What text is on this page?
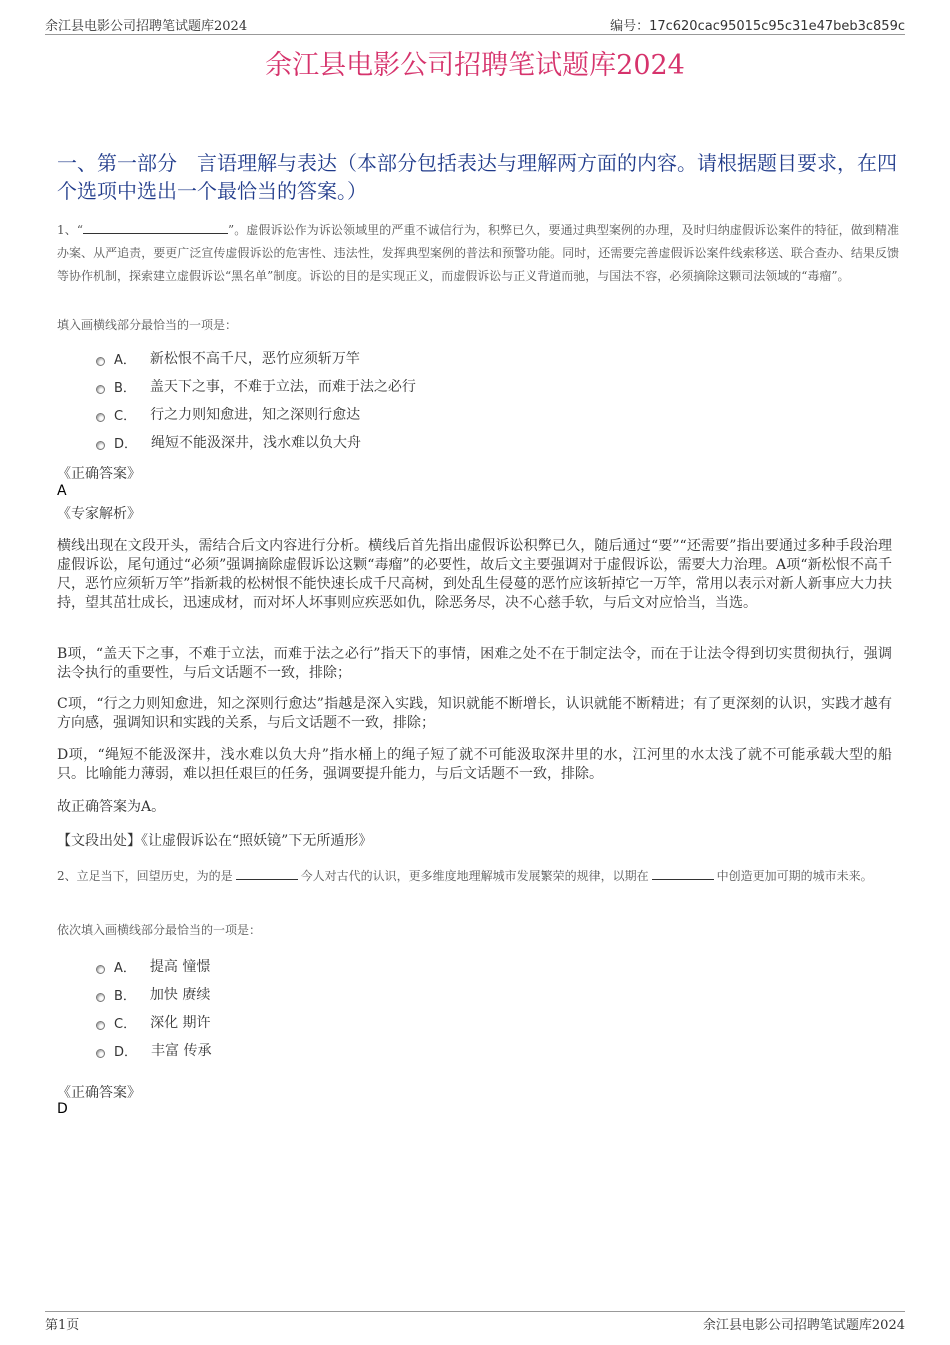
余江县电影公司招聘笔试题库2024	编号：17c620cac95015c95c31e47beb3c859c
余江县电影公司招聘笔试题库2024
一、第一部分　言语理解与表达（本部分包括表达与理解两方面的内容。请根据题目要求，在四个选项中选出一个最恰当的答案。）
1、“	”。虚假诉讼作为诉讼领域里的严重不诚信行为，积弊已久，要通过典型案例的办理，及时归纳虚假诉讼案件的特征，做到精准办案、从严追责，要更广泛宣传虚假诉讼的危害性、违法性，发挥典型案例的普法和预警功能。同时，还需要完善虚假诉讼案件线索移送、联合查办、结果反馈等协作机制，探索建立虚假诉讼“黑名单”制度。诉讼的目的是实现正义，而虚假诉讼与正义背道而驰，与国法不容，必须摘除这颗司法领域的“毒瘤”。
填入画横线部分最恰当的一项是：
A． 新松恨不高千尺，恶竹应须斩万竿
B． 盖天下之事，不难于立法，而难于法之必行
C． 行之力则知愈进，知之深则行愈达
D． 绳短不能汲深井，浅水难以负大舟
《正确答案》
A
《专家解析》
横线出现在文段开头，需结合后文内容进行分析。横线后首先指出虚假诉讼积弊已久，随后通过“要”“还需要”指出要通过多种手段治理虚假诉讼，尾句通过“必须”强调摘除虚假诉讼这颗“毒瘤”的必要性，故后文主要强调对于虚假诉讼，需要大力治理。A项“新松恨不高千尺，恶竹应须斩万竿”指新栽的松树恨不能快速长成千尺高树，到处乱生侵蔓的恶竹应该斩掉它一万竿，常用以表示对新人新事应大力扶持，望其茁壮成长，迅速成材，而对坏人坏事则应疾恶如仇，除恶务尽，决不心慈手软，与后文对应恰当，当选。
B项，“盖天下之事，不难于立法，而难于法之必行”指天下的事情，困难之处不在于制定法令，而在于让法令得到切实贯彻执行，强调法令执行的重要性，与后文话题不一致，排除；
C项，“行之力则知愈进，知之深则行愈达”指越是深入实践，知识就能不断增长，认识就能不断精进；有了更深刻的认识，实践才越有方向感，强调知识和实践的关系，与后文话题不一致，排除；
D项，“绳短不能汲深井，浅水难以负大舟”指水桶上的绳子短了就不可能汲取深井里的水，江河里的水太浅了就不可能承载大型的船只。比喻能力薄弱，难以担任艰巨的任务，强调要提升能力，与后文话题不一致，排除。
故正确答案为A。
【文段出处】《让虚假诉讼在“照妖镜”下无所遁形》
2、立足当下，回望历史，为的是	今人对古代的认识，更多维度地理解城市发展繁荣的规律，以期在	中创造更加可期的城市未来。
依次填入画横线部分最恰当的一项是：
A． 提高 憧憬
B． 加快 赓续
C． 深化 期许
D． 丰富 传承
《正确答案》
D
第1页	余江县电影公司招聘笔试题库2024
